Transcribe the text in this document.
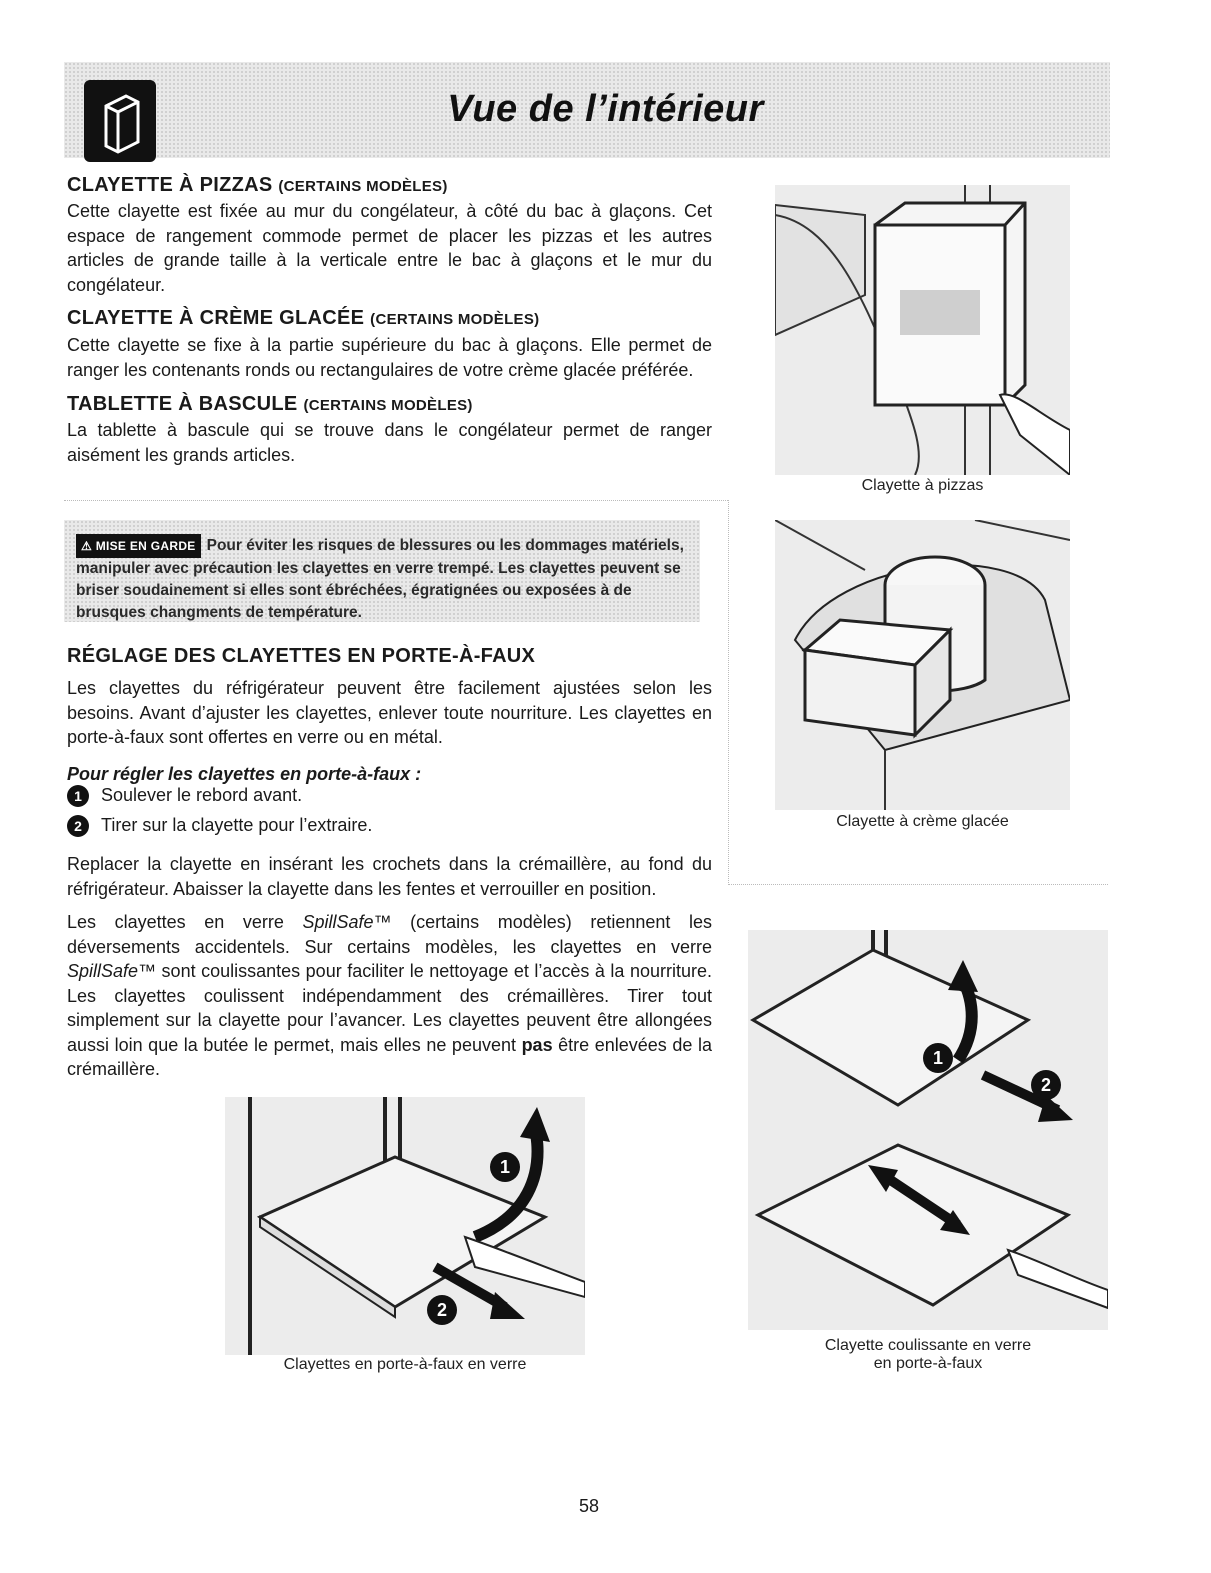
Vue de l’intérieur
CLAYETTE À PIZZAS (CERTAINS MODÈLES)

Cette clayette est fixée au mur du congélateur, à côté du bac à glaçons. Cet espace de rangement commode permet de placer les pizzas et les autres articles de grande taille à la verticale entre le bac à glaçons et le mur du congélateur.

CLAYETTE À CRÈME GLACÉE (CERTAINS MODÈLES)

Cette clayette se fixe à la partie supérieure du bac à glaçons. Elle permet de ranger les contenants ronds ou rectangulaires de votre crème glacée préférée.

TABLETTE À BASCULE (CERTAINS MODÈLES)

La tablette à bascule qui se trouve dans le congélateur permet de ranger aisément les grands articles.

⚠ MISE EN GARDE Pour éviter les risques de blessures ou les dommages matériels, manipuler avec précaution les clayettes en verre trempé. Les clayettes peuvent se briser soudainement si elles sont ébréchées, égratignées ou exposées à de brusques changments de température.
RÉGLAGE DES CLAYETTES EN PORTE-À-FAUX

Les clayettes du réfrigérateur peuvent être facilement ajustées selon les besoins. Avant d’ajuster les clayettes, enlever toute nourriture. Les clayettes en porte-à-faux sont offertes en verre ou en métal.

Pour régler les clayettes en porte-à-faux :

1 Soulever le rebord avant.
2 Tirer sur la clayette pour l’extraire.

Replacer la clayette en insérant les crochets dans la crémaillère, au fond du réfrigérateur. Abaisser la clayette dans les fentes et verrouiller en position.

Les clayettes en verre SpillSafe™ (certains modèles) retiennent les déversements accidentels. Sur certains modèles, les clayettes en verre SpillSafe™ sont coulissantes pour faciliter le nettoyage et l’accès à la nourriture. Les clayettes coulissent indépendamment des crémaillères. Tirer tout simplement sur la clayette pour l’avancer. Les clayettes peuvent être allongées aussi loin que la butée le permet, mais elles ne peuvent pas être enlevées de la crémaillère.

Clayette à pizzas
Clayette à crème glacée
1
2
Clayettes en porte-à-faux en verre
1
2
Clayette coulissante en verre
en porte-à-faux
58
